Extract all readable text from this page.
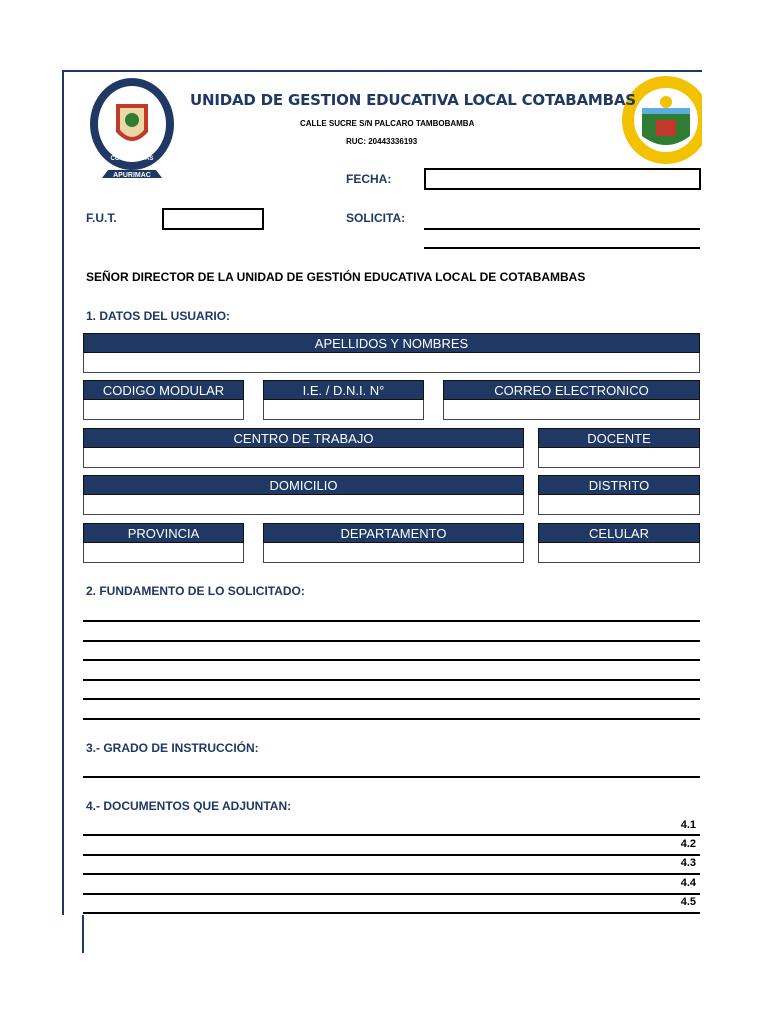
APURIMAC
COTABAMBAS
UNIDAD DE GESTION EDUCATIVA LOCAL COTABAMBAS
CALLE SUCRE S/N PALCARO TAMBOBAMBA
RUC: 20443336193
FECHA:
F.U.T.	SOLICITA:
SEÑOR DIRECTOR DE LA UNIDAD DE GESTIÓN EDUCATIVA LOCAL DE COTABAMBAS
1. DATOS DEL USUARIO:
APELLIDOS Y NOMBRES
CODIGO MODULAR	I.E. / D.N.I. N°	CORREO ELECTRONICO
CENTRO DE TRABAJO	DOCENTE
DOMICILIO	DISTRITO
PROVINCIA	DEPARTAMENTO	CELULAR
2. FUNDAMENTO DE LO SOLICITADO:
3.- GRADO DE INSTRUCCIÓN:
4.- DOCUMENTOS QUE ADJUNTAN:
4.1
4.2
4.3
4.4
4.5
